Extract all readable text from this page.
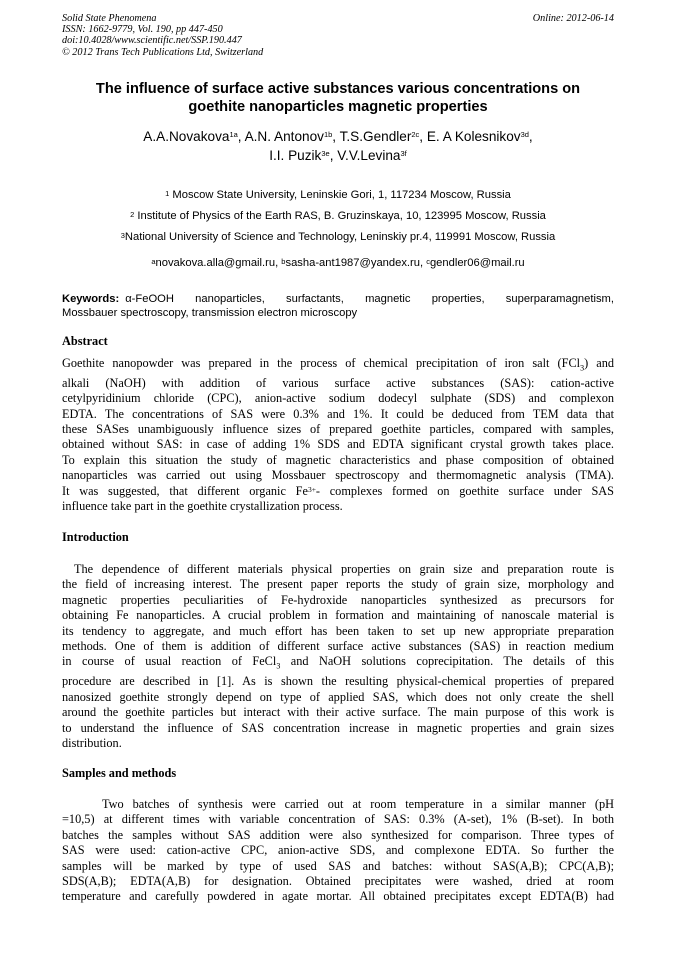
Solid State Phenomena
ISSN: 1662-9779, Vol. 190, pp 447-450
doi:10.4028/www.scientific.net/SSP.190.447
© 2012 Trans Tech Publications Ltd, Switzerland
Online: 2012-06-14
The influence of surface active substances various concentrations on
goethite nanoparticles magnetic properties
A.A.Novakova$^{1a}$, A.N. Antonov$^{1b}$, T.S.Gendler$^{2c}$, E. A Kolesnikov$^{3d}$,
I.I. Puzik$^{3e}$, V.V.Levina$^{3f}$
$^1$ Moscow State University, Leninskie Gori, 1, 117234 Moscow, Russia
$^2$ Institute of Physics of the Earth RAS, B. Gruzinskaya, 10, 123995 Moscow, Russia
$^3$National University of Science and Technology, Leninskiy pr.4, 119991 Moscow, Russia
$^a$novakova.alla@gmail.ru, $^b$sasha-ant1987@yandex.ru, $^c$gendler06@mail.ru
Keywords: α-FeOOH nanoparticles, surfactants, magnetic properties, superparamagnetism,
Mossbauer spectroscopy, transmission electron microscopy
Abstract
Goethite nanopowder was prepared in the process of chemical precipitation of iron salt (FCl$_3$) and
alkali (NaOH) with addition of various surface active substances (SAS): cation-active
cetylpyridinium chloride (CPC), anion-active sodium dodecyl sulphate (SDS) and complexon
EDTA. The concentrations of SAS were 0.3% and 1%. It could be deduced from TEM data that
these SASes unambiguously influence sizes of prepared goethite particles, compared with samples,
obtained without SAS: in case of adding 1% SDS and EDTA significant crystal growth takes place.
To explain this situation the study of magnetic characteristics and phase composition of obtained
nanoparticles was carried out using Mossbauer spectroscopy and thermomagnetic analysis (TMA).
It was suggested, that different organic $Fe^{3+}-$ complexes formed on goethite surface under SAS
influence take part in the goethite crystallization process.
Introduction
The dependence of different materials physical properties on grain size and preparation route is
the field of increasing interest. The present paper reports the study of grain size, morphology and
magnetic properties peculiarities of Fe-hydroxide nanoparticles synthesized as precursors for
obtaining Fe nanoparticles. A crucial problem in formation and maintaining of nanoscale material is
its tendency to aggregate, and much effort has been taken to set up new appropriate preparation
methods. One of them is addition of different surface active substances (SAS) in reaction medium
in course of usual reaction of FeCl$_3$ and NaOH solutions coprecipitation. The details of this
procedure are described in [1]. As is shown the resulting physical-chemical properties of prepared
nanosized goethite strongly depend on type of applied SAS, which does not only create the shell
around the goethite particles but interact with their active surface. The main purpose of this work is
to understand the influence of SAS concentration increase in magnetic properties and grain sizes
distribution.
Samples and methods
Two batches of synthesis were carried out at room temperature in a similar manner (pH
=10,5) at different times with variable concentration of SAS: 0.3% (A-set), 1% (B-set). In both
batches the samples without SAS addition were also synthesized for comparison. Three types of
SAS were used: cation-active CPC, anion-active SDS, and complexone EDTA. So further the
samples will be marked by type of used SAS and batches: without SAS(A,B); CPC(A,B);
SDS(A,B); EDTA(A,B) for designation. Obtained precipitates were washed, dried at room
temperature and carefully powdered in agate mortar. All obtained precipitates except EDTA(B) had
